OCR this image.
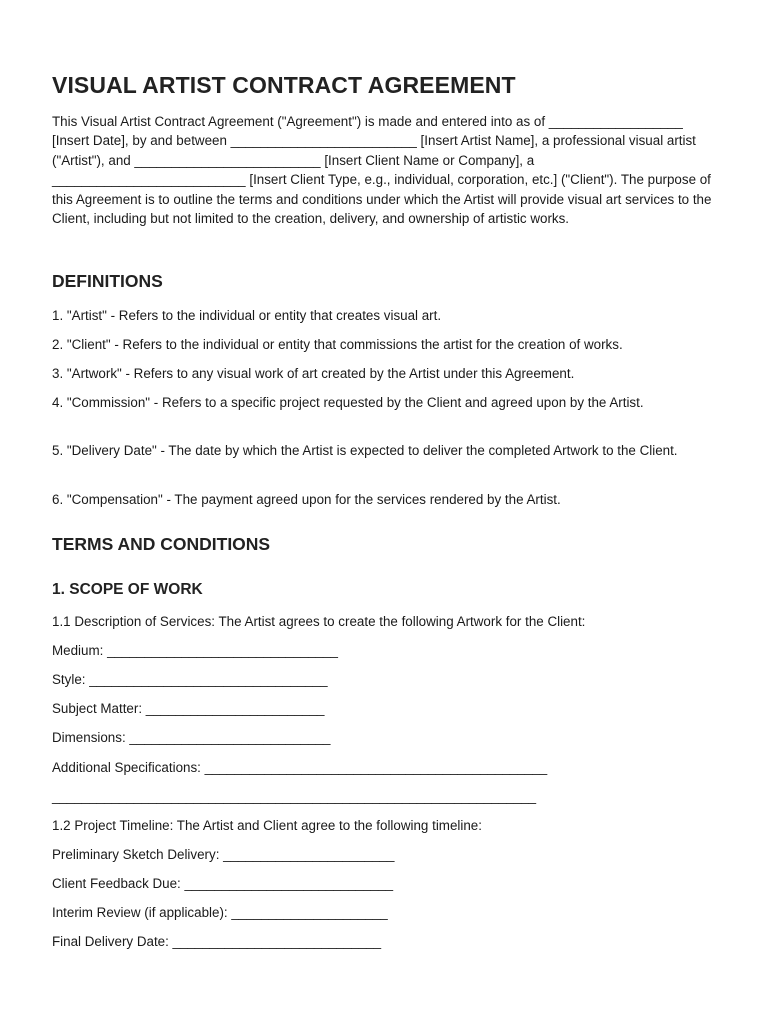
VISUAL ARTIST CONTRACT AGREEMENT

This Visual Artist Contract Agreement ("Agreement") is made and entered into as of __________________ [Insert Date], by and between _________________________ [Insert Artist Name], a professional visual artist ("Artist"), and _________________________ [Insert Client Name or Company], a __________________________ [Insert Client Type, e.g., individual, corporation, etc.] ("Client"). The purpose of this Agreement is to outline the terms and conditions under which the Artist will provide visual art services to the Client, including but not limited to the creation, delivery, and ownership of artistic works.

DEFINITIONS

1. "Artist" - Refers to the individual or entity that creates visual art.

2. "Client" - Refers to the individual or entity that commissions the artist for the creation of works.

3. "Artwork" - Refers to any visual work of art created by the Artist under this Agreement.

4. "Commission" - Refers to a specific project requested by the Client and agreed upon by the Artist.

5. "Delivery Date" - The date by which the Artist is expected to deliver the completed Artwork to the Client.

6. "Compensation" - The payment agreed upon for the services rendered by the Artist.

TERMS AND CONDITIONS
1. SCOPE OF WORK

1.1 Description of Services: The Artist agrees to create the following Artwork for the Client:

Medium: _______________________________

Style: ________________________________

Subject Matter: ________________________

Dimensions: ___________________________

Additional Specifications: ______________________________________________

_________________________________________________________________

1.2 Project Timeline: The Artist and Client agree to the following timeline:

Preliminary Sketch Delivery: _______________________

Client Feedback Due: ____________________________

Interim Review (if applicable): _____________________

Final Delivery Date: ____________________________
